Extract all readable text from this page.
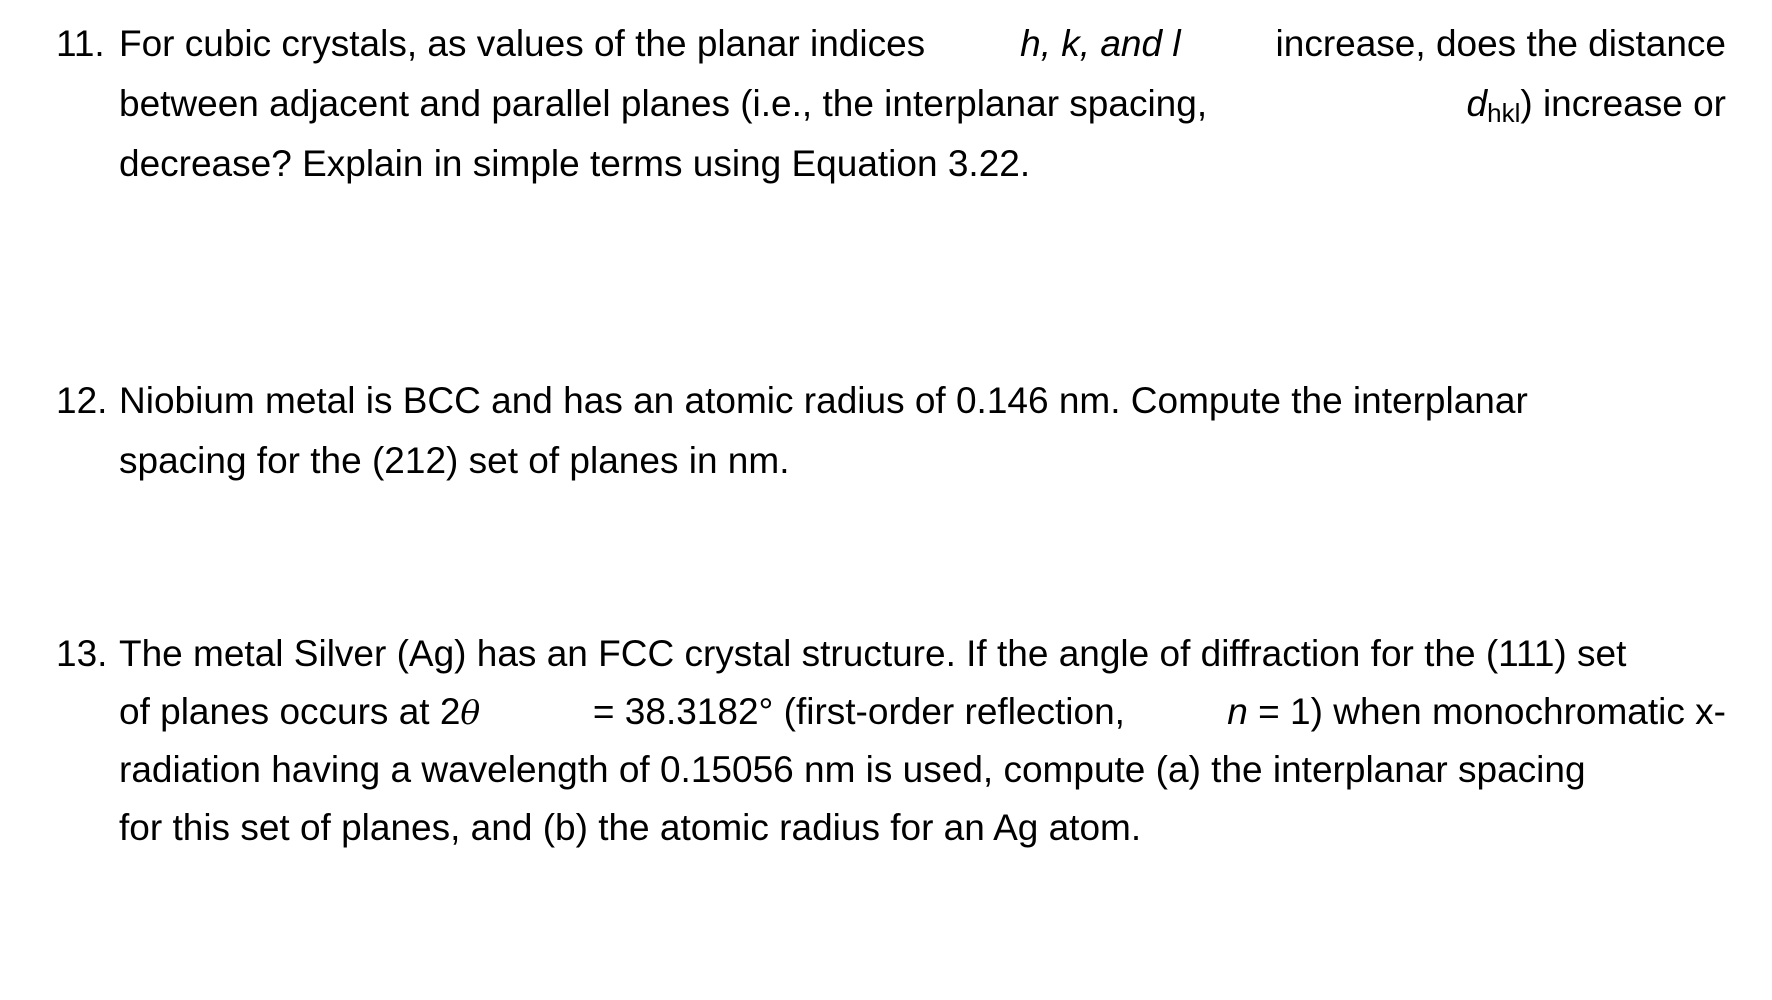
11. For cubic crystals, as values of the planar indices	h, k, and l	increase, does the distance
between adjacent and parallel planes (i.e., the interplanar spacing,	$d_{hkl}$) increase or
decrease? Explain in simple terms using Equation 3.22.
12. Niobium metal is BCC and has an atomic radius of 0.146 nm. Compute the interplanar
spacing for the (212) set of planes in nm.
13. The metal Silver (Ag) has an FCC crystal structure. If the angle of diffraction for the (111) set
of planes occurs at 2θ	= 38.3182° (first-order reflection,	n = 1) when monochromatic x-
radiation having a wavelength of 0.15056 nm is used, compute (a) the interplanar spacing
for this set of planes, and (b) the atomic radius for an Ag atom.
